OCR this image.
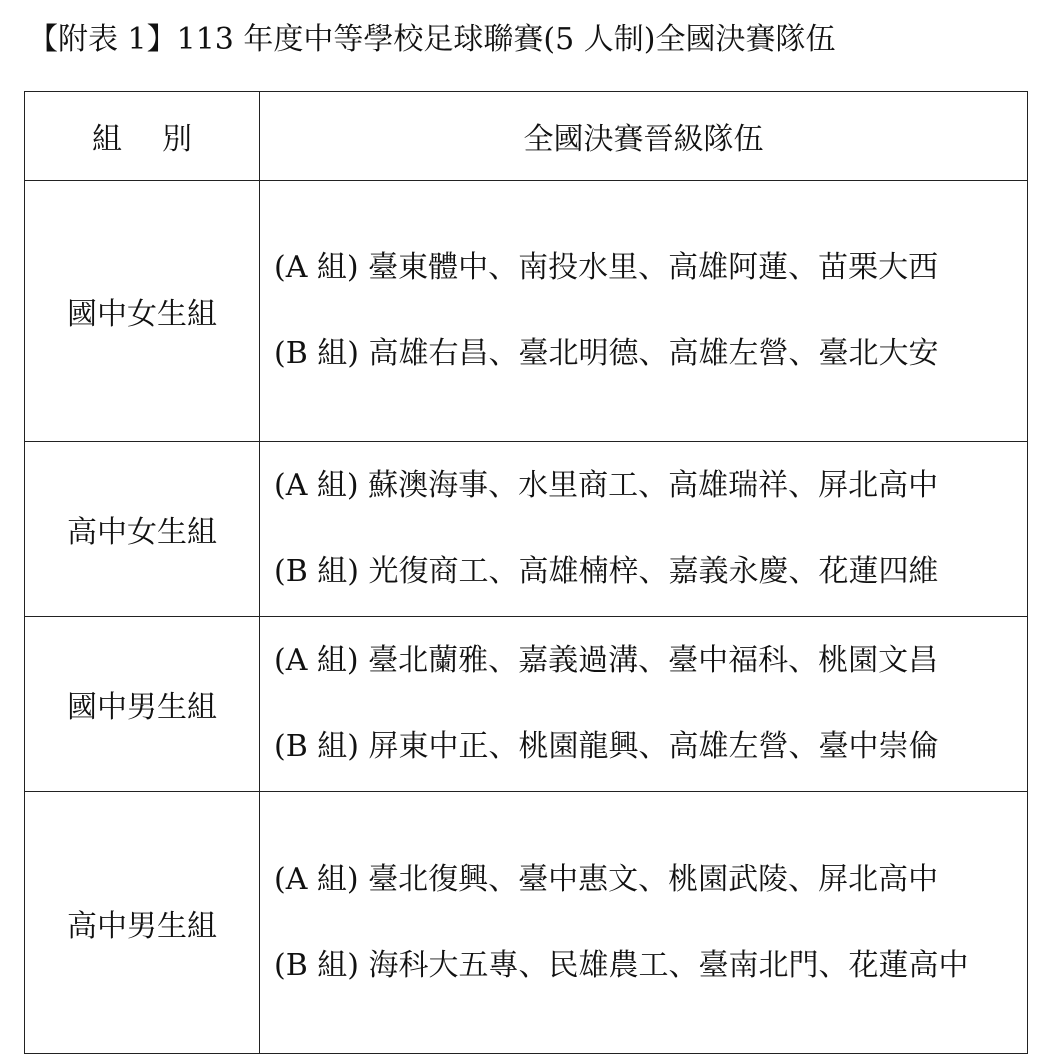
【附表 1】113 年度中等學校足球聯賽(5 人制)全國決賽隊伍
組別	全國決賽晉級隊伍
國中女生組	(A 組) 臺東體中、南投水里、高雄阿蓮、苗栗大西
(B 組) 高雄右昌、臺北明德、高雄左營、臺北大安

高中女生組	(A 組) 蘇澳海事、水里商工、高雄瑞祥、屏北高中
(B 組) 光復商工、高雄楠梓、嘉義永慶、花蓮四維

國中男生組	(A 組) 臺北蘭雅、嘉義過溝、臺中福科、桃園文昌
(B 組) 屏東中正、桃園龍興、高雄左營、臺中崇倫

高中男生組	(A 組) 臺北復興、臺中惠文、桃園武陵、屏北高中
(B 組) 海科大五專、民雄農工、臺南北門、花蓮高中
